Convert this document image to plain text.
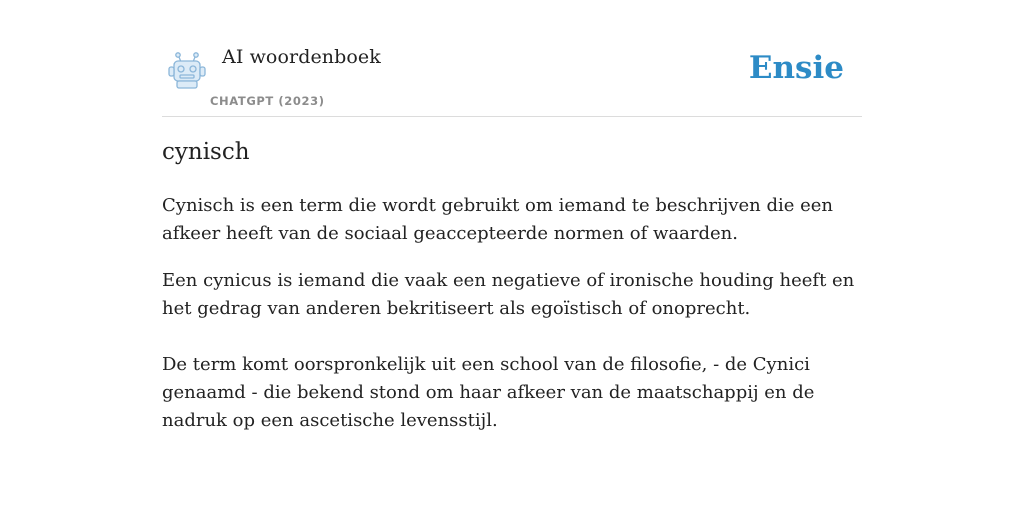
AI woordenboek
CHATGPT (2023)
Ensie
cynisch

Cynisch is een term die wordt gebruikt om iemand te beschrijven die een afkeer heeft van de sociaal geaccepteerde normen of waarden.

Een cynicus is iemand die vaak een negatieve of ironische houding heeft en het gedrag van anderen bekritiseert als egoïstisch of onoprecht.

De term komt oorspronkelijk uit een school van de filosofie, - de Cynici genaamd - die bekend stond om haar afkeer van de maatschappij en de nadruk op een ascetische levensstijl.
